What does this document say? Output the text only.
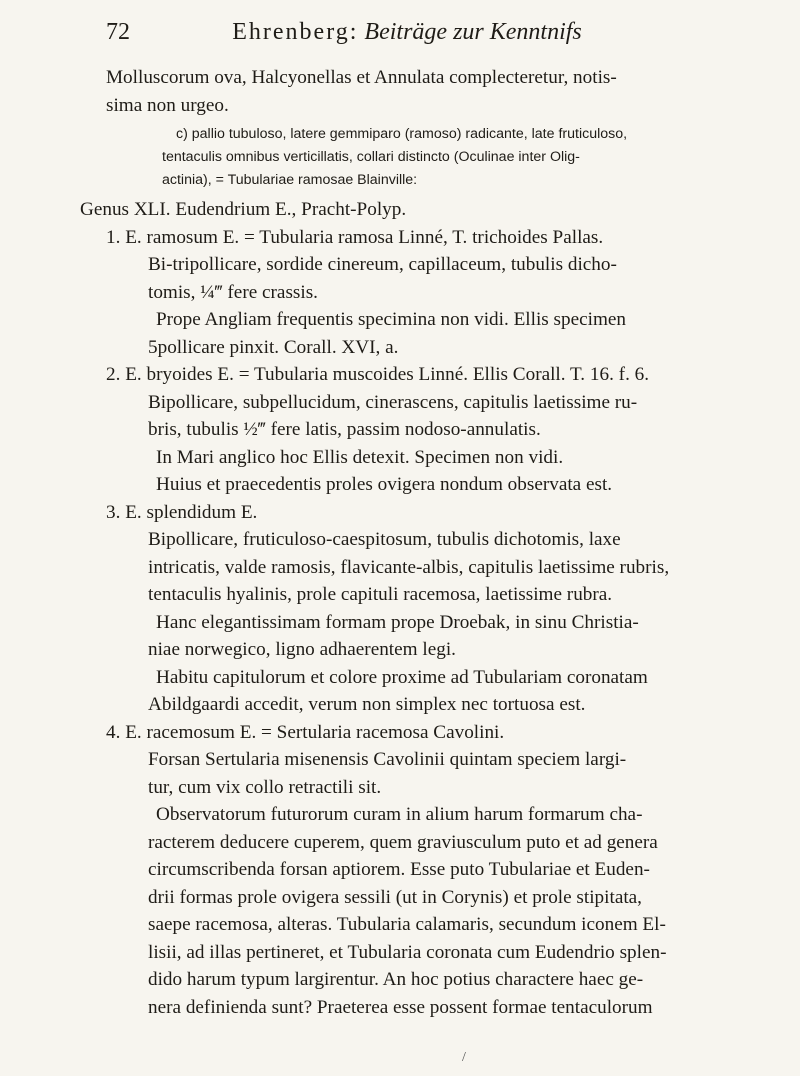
72	Ehrenberg: Beiträge zur Kenntnifs
Molluscorum ova, Halcyonellas et Annulata complecteretur, notis-
sima non urgeo.
c) pallio tubuloso, latere gemmiparo (ramoso) radicante, late fruticuloso,
tentaculis omnibus verticillatis, collari distincto (Oculinae inter Olig-
actinia), = Tubulariae ramosae Blainville:
Genus XLI. Eudendrium E., Pracht-Polyp.
1. E. ramosum E. = Tubularia ramosa Linné, T. trichoides Pallas.
Bi-tripollicare, sordide cinereum, capillaceum, tubulis dicho-
tomis, ¼‴ fere crassis.
Prope Angliam frequentis specimina non vidi. Ellis specimen
5pollicare pinxit. Corall. XVI, a.
2. E. bryoides E. = Tubularia muscoides Linné. Ellis Corall. T. 16. f. 6.
Bipollicare, subpellucidum, cinerascens, capitulis laetissime ru-
bris, tubulis ½‴ fere latis, passim nodoso-annulatis.
In Mari anglico hoc Ellis detexit. Specimen non vidi.
Huius et praecedentis proles ovigera nondum observata est.
3. E. splendidum E.
Bipollicare, fruticuloso-caespitosum, tubulis dichotomis, laxe
intricatis, valde ramosis, flavicante-albis, capitulis laetissime rubris,
tentaculis hyalinis, prole capituli racemosa, laetissime rubra.
Hanc elegantissimam formam prope Droebak, in sinu Christia-
niae norwegico, ligno adhaerentem legi.
Habitu capitulorum et colore proxime ad Tubulariam coronatam
Abildgaardi accedit, verum non simplex nec tortuosa est.
4. E. racemosum E. = Sertularia racemosa Cavolini.
Forsan Sertularia misenensis Cavolinii quintam speciem largi-
tur, cum vix collo retractili sit.
Observatorum futurorum curam in alium harum formarum cha-
racterem deducere cuperem, quem graviusculum puto et ad genera
circumscribenda forsan aptiorem. Esse puto Tubulariae et Euden-
drii formas prole ovigera sessili (ut in Corynis) et prole stipitata,
saepe racemosa, alteras. Tubularia calamaris, secundum iconem El-
lisii, ad illas pertineret, et Tubularia coronata cum Eudendrio splen-
dido harum typum largirentur. An hoc potius charactere haec ge-
nera definienda sunt? Praeterea esse possent formae tentaculorum
/
